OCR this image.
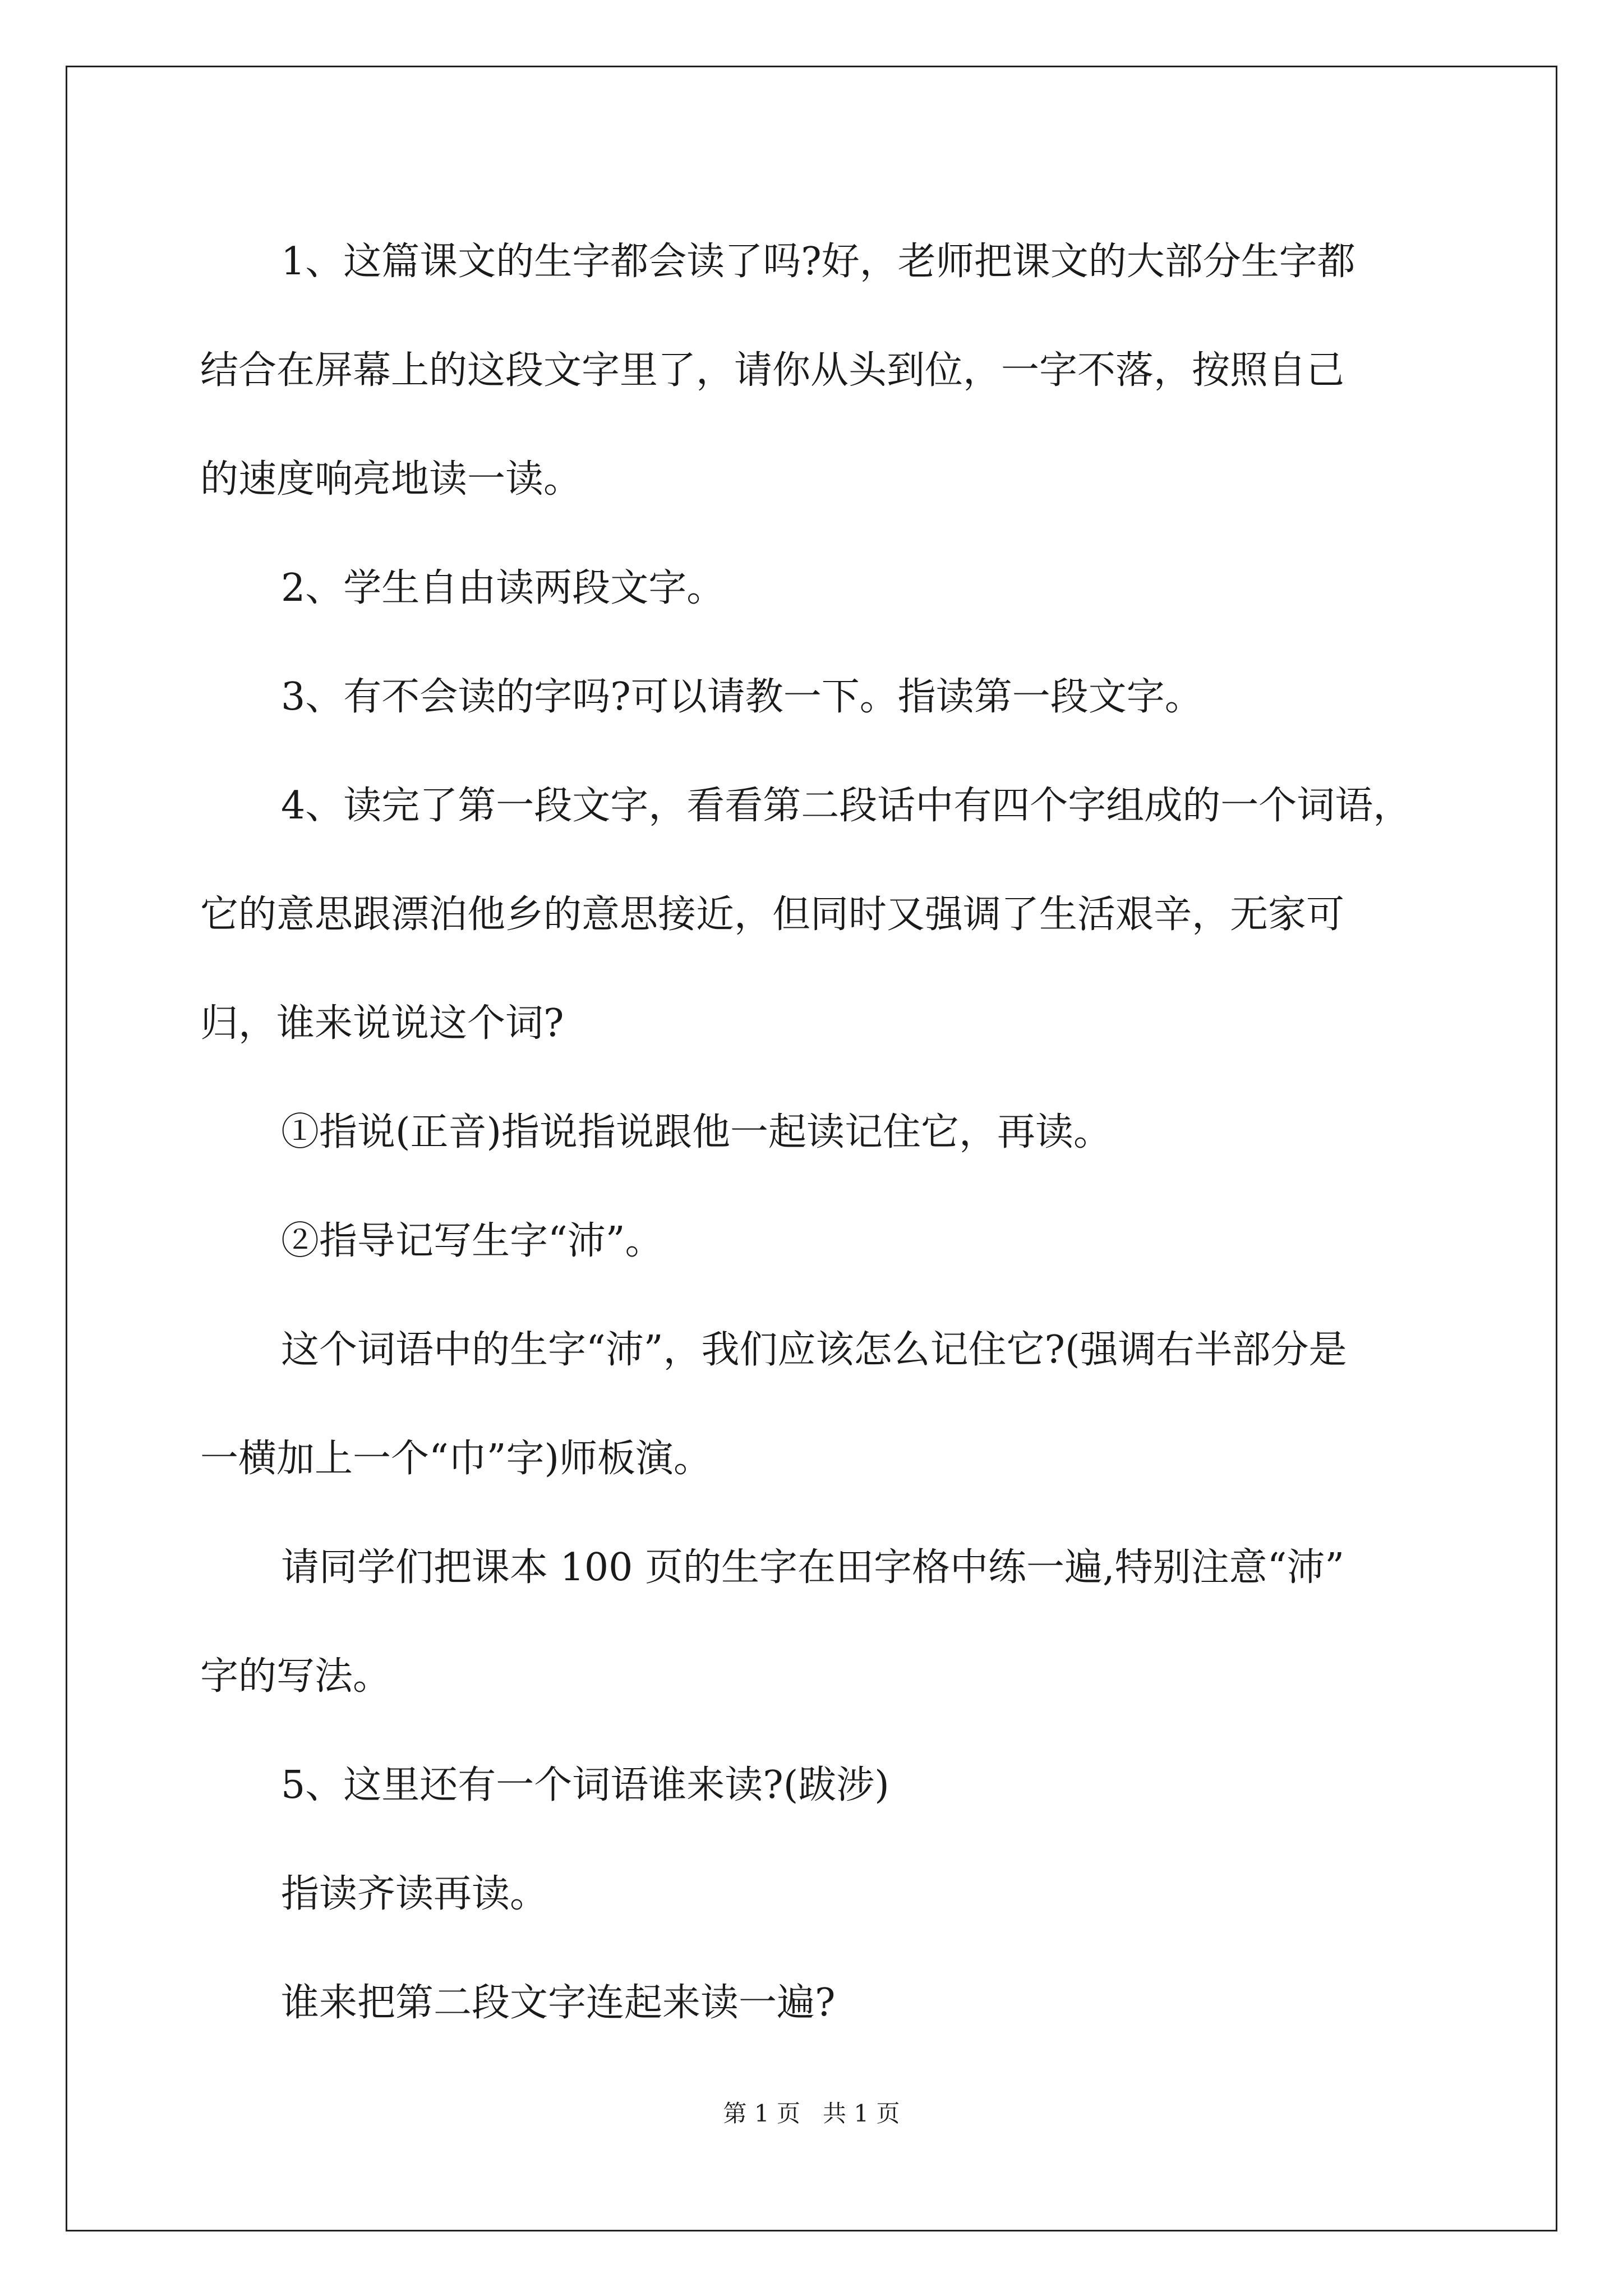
1、这篇课文的生字都会读了吗?好，老师把课文的大部分生字都

结合在屏幕上的这段文字里了，请你从头到位，一字不落，按照自己

的速度响亮地读一读。

2、学生自由读两段文字。

3、有不会读的字吗?可以请教一下。指读第一段文字。

4、读完了第一段文字，看看第二段话中有四个字组成的一个词语，

它的意思跟漂泊他乡的意思接近，但同时又强调了生活艰辛，无家可

归，谁来说说这个词?

①指说(正音)指说指说跟他一起读记住它，再读。

②指导记写生字“沛”。

这个词语中的生字“沛”，我们应该怎么记住它?(强调右半部分是

一横加上一个“巾”字)师板演。

请同学们把课本 100 页的生字在田字格中练一遍,特别注意“沛”

字的写法。

5、这里还有一个词语谁来读?(跋涉)

指读齐读再读。

谁来把第二段文字连起来读一遍?

第 1 页   共 1 页
